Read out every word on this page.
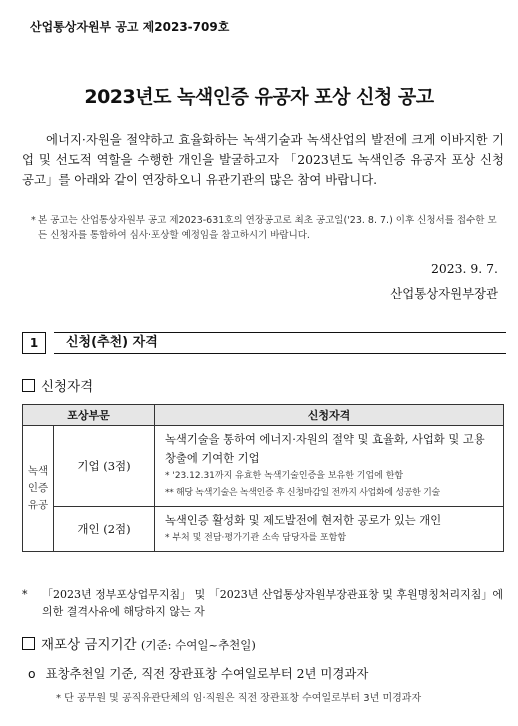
산업통상자원부 공고 제2023-709호
2023년도 녹색인증 유공자 포상 신청 공고

에너지·자원을 절약하고 효율화하는 녹색기술과 녹색산업의 발전에 크게 이바지한 기업 및 선도적 역할을 수행한 개인을 발굴하고자 「2023년도 녹색인증 유공자 포상 신청 공고」를 아래와 같이 연장하오니 유관기관의 많은 참여 바랍니다.

* 본 공고는 산업통상자원부 공고 제2023-631호의 연장공고로 최초 공고일('23. 8. 7.) 이후 신청서를 접수한 모든 신청자를 통합하여 심사·포상할 예정임을 참고하시기 바랍니다.
2023. 9. 7.
산업통상자원부장관
1	신청(추천) 자격
신청자격
포상부문		신청자격
녹색
인증
유공	기업 (3점)	녹색기술을 통하여 에너지·자원의 절약 및 효율화, 사업화 및 고용창출에 기여한 기업
* '23.12.31까지 유효한 녹색기술인증을 보유한 기업에 한함
** 해당 녹색기술은 녹색인증 후 신청마감일 전까지 사업화에 성공한 기술

	개인 (2점)	녹색인증 활성화 및 제도발전에 현저한 공로가 있는 개인
* 부처 및 전담·평가기관 소속 담당자를 포함함
* 「2023년 정부포상업무지침」 및 「2023년 산업통상자원부장관표창 및 후원명칭처리지침」에 의한 결격사유에 해당하지 않는 자
재포상 금지기간 (기준: 수여일~추천일)
o 표창추천일 기준, 직전 장관표창 수여일로부터 2년 미경과자
* 단 공무원 및 공직유관단체의 임·직원은 직전 장관표창 수여일로부터 3년 미경과자
